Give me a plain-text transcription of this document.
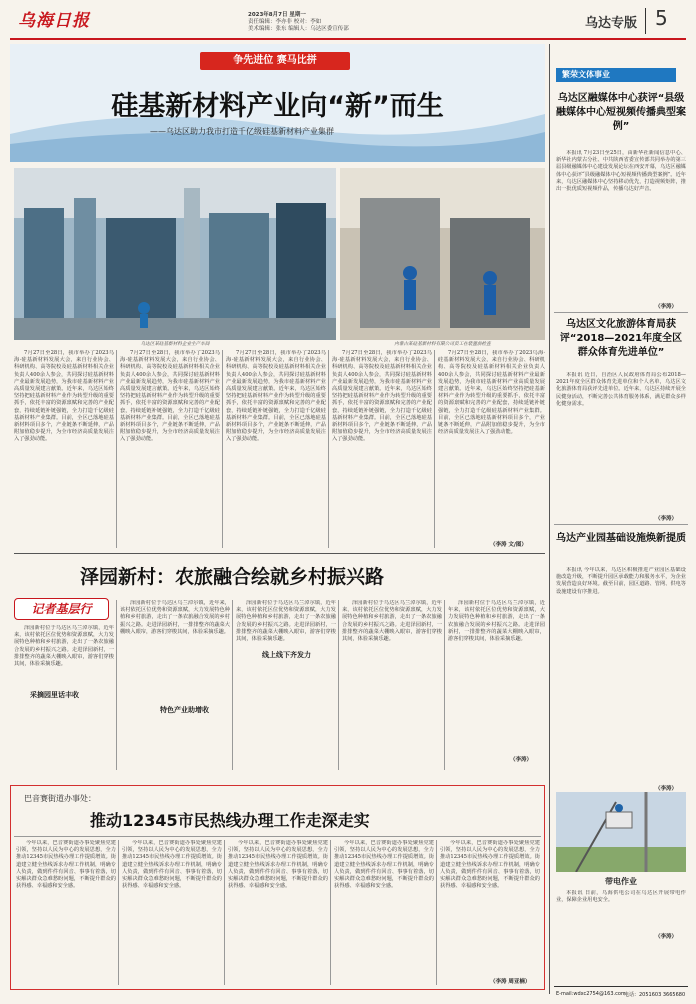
乌海日报	2023年8月7日 星期一
责任编辑：李亦非 校对：李如
美术编辑：张东 编辑人：乌达区委宣传部	乌达专版 5
争先进位 赛马比拼
硅基新材料产业向“新”而生
——乌达区助力我市打造千亿级硅基新材料产业集群
乌达区某硅基新材料企业生产车间	内蒙古某硅基新材料有限公司员工在装置前检查

7月27日至28日，我市举办了2023乌海·硅基新材料发展大会，来自行业协会、科研机构、高等院校及硅基新材料相关企业负责人400余人参会，共同探讨硅基新材料产业最新发展趋势，为我市硅基新材料产业高质量发展建言献策。近年来，乌达区始终坚持把硅基新材料产业作为转型升级的重要抓手，依托丰富的资源禀赋和完善的产业配套，持续延链补链强链，全力打造千亿级硅基新材料产业集群。目前，全区已落地硅基新材料项目多个，产业链条不断延伸，产品附加值稳步提升，为全市经济高质量发展注入了强劲动能。

7月27日至28日，我市举办了2023乌海·硅基新材料发展大会，来自行业协会、科研机构、高等院校及硅基新材料相关企业负责人400余人参会，共同探讨硅基新材料产业最新发展趋势，为我市硅基新材料产业高质量发展建言献策。近年来，乌达区始终坚持把硅基新材料产业作为转型升级的重要抓手，依托丰富的资源禀赋和完善的产业配套，持续延链补链强链，全力打造千亿级硅基新材料产业集群。目前，全区已落地硅基新材料项目多个，产业链条不断延伸，产品附加值稳步提升，为全市经济高质量发展注入了强劲动能。

7月27日至28日，我市举办了2023乌海·硅基新材料发展大会，来自行业协会、科研机构、高等院校及硅基新材料相关企业负责人400余人参会，共同探讨硅基新材料产业最新发展趋势，为我市硅基新材料产业高质量发展建言献策。近年来，乌达区始终坚持把硅基新材料产业作为转型升级的重要抓手，依托丰富的资源禀赋和完善的产业配套，持续延链补链强链，全力打造千亿级硅基新材料产业集群。目前，全区已落地硅基新材料项目多个，产业链条不断延伸，产品附加值稳步提升，为全市经济高质量发展注入了强劲动能。

7月27日至28日，我市举办了2023乌海·硅基新材料发展大会，来自行业协会、科研机构、高等院校及硅基新材料相关企业负责人400余人参会，共同探讨硅基新材料产业最新发展趋势，为我市硅基新材料产业高质量发展建言献策。近年来，乌达区始终坚持把硅基新材料产业作为转型升级的重要抓手，依托丰富的资源禀赋和完善的产业配套，持续延链补链强链，全力打造千亿级硅基新材料产业集群。目前，全区已落地硅基新材料项目多个，产业链条不断延伸，产品附加值稳步提升，为全市经济高质量发展注入了强劲动能。

7月27日至28日，我市举办了2023乌海·硅基新材料发展大会，来自行业协会、科研机构、高等院校及硅基新材料相关企业负责人400余人参会，共同探讨硅基新材料产业最新发展趋势，为我市硅基新材料产业高质量发展建言献策。近年来，乌达区始终坚持把硅基新材料产业作为转型升级的重要抓手，依托丰富的资源禀赋和完善的产业配套，持续延链补链强链，全力打造千亿级硅基新材料产业集群。目前，全区已落地硅基新材料项目多个，产业链条不断延伸，产品附加值稳步提升，为全市经济高质量发展注入了强劲动能。

（李涛 文/图）
泽园新村：农旅融合绘就乡村振兴路
记者基层行

泽园新村位于乌达区乌兰淖尔镇，近年来，该村依托区位优势和资源禀赋，大力发展特色种植和乡村旅游，走出了一条农旅融合发展的乡村振兴之路。走进泽园新村，一排排整齐的蔬菜大棚映入眼帘，游客们穿梭其间，体验采摘乐趣。

采摘园里话丰收

泽园新村位于乌达区乌兰淖尔镇，近年来，该村依托区位优势和资源禀赋，大力发展特色种植和乡村旅游，走出了一条农旅融合发展的乡村振兴之路。走进泽园新村，一排排整齐的蔬菜大棚映入眼帘，游客们穿梭其间，体验采摘乐趣。

特色产业助增收

泽园新村位于乌达区乌兰淖尔镇，近年来，该村依托区位优势和资源禀赋，大力发展特色种植和乡村旅游，走出了一条农旅融合发展的乡村振兴之路。走进泽园新村，一排排整齐的蔬菜大棚映入眼帘，游客们穿梭其间，体验采摘乐趣。

线上线下齐发力

泽园新村位于乌达区乌兰淖尔镇，近年来，该村依托区位优势和资源禀赋，大力发展特色种植和乡村旅游，走出了一条农旅融合发展的乡村振兴之路。走进泽园新村，一排排整齐的蔬菜大棚映入眼帘，游客们穿梭其间，体验采摘乐趣。

泽园新村位于乌达区乌兰淖尔镇，近年来，该村依托区位优势和资源禀赋，大力发展特色种植和乡村旅游，走出了一条农旅融合发展的乡村振兴之路。走进泽园新村，一排排整齐的蔬菜大棚映入眼帘，游客们穿梭其间，体验采摘乐趣。

（李涛）
巴音赛街道办事处：
推动12345市民热线办理工作走深走实

今年以来，巴音赛街道办事处聚焦党建引领，坚持以人民为中心的发展思想，全力推动12345市民热线办理工作提质增效。街道建立健全热线诉求办理工作机制，明确专人负责，做到件件有回音、事事有着落，切实解决群众急难愁盼问题，不断提升群众的获得感、幸福感和安全感。

今年以来，巴音赛街道办事处聚焦党建引领，坚持以人民为中心的发展思想，全力推动12345市民热线办理工作提质增效。街道建立健全热线诉求办理工作机制，明确专人负责，做到件件有回音、事事有着落，切实解决群众急难愁盼问题，不断提升群众的获得感、幸福感和安全感。

今年以来，巴音赛街道办事处聚焦党建引领，坚持以人民为中心的发展思想，全力推动12345市民热线办理工作提质增效。街道建立健全热线诉求办理工作机制，明确专人负责，做到件件有回音、事事有着落，切实解决群众急难愁盼问题，不断提升群众的获得感、幸福感和安全感。

今年以来，巴音赛街道办事处聚焦党建引领，坚持以人民为中心的发展思想，全力推动12345市民热线办理工作提质增效。街道建立健全热线诉求办理工作机制，明确专人负责，做到件件有回音、事事有着落，切实解决群众急难愁盼问题，不断提升群众的获得感、幸福感和安全感。

今年以来，巴音赛街道办事处聚焦党建引领，坚持以人民为中心的发展思想，全力推动12345市民热线办理工作提质增效。街道建立健全热线诉求办理工作机制，明确专人负责，做到件件有回音、事事有着落，切实解决群众急难愁盼问题，不断提升群众的获得感、幸福感和安全感。

（李涛 周亚楠）
繁荣文体事业
乌达区融媒体中心获评“县级融媒体中心短视频传播典型案例”

本报讯 7月23日至25日，由新华社新闻信息中心、新华社内蒙古分社、中共陕西省委宣传部共同举办的第三届县级融媒体中心建设发展论坛在西安开幕，乌达区融媒体中心获评“县级融媒体中心短视频传播典型案例”。近年来，乌达区融媒体中心坚持移动优先，打造视频矩阵，推出一批优质短视频作品，传播乌达好声音。

（李涛）
乌达区文化旅游体育局获评“2018—2021年度全区群众体育先进单位”

本报讯 近日，自治区人民政府体育局公布2018—2021年度全区群众体育先进单位和个人名单，乌达区文化旅游体育局获评先进单位。近年来，乌达区持续开展全民健身活动，不断完善公共体育服务体系，满足群众多样化健身需求。

（李涛）
乌达产业园基础设施焕新提质

本报讯 今年以来，乌达区积极推进产业园区基础设施改造升级，不断提升园区承载能力和服务水平，为企业发展营造良好环境。截至目前，园区道路、管网、供电等设施建设有序推进。

（李涛）
带电作业

本报讯 日前，乌海供电公司在乌达区开展带电作业，保障企业用电安全。

（李涛）
E-mail:wdxc2754@163.com
电话：2051603 3665680
